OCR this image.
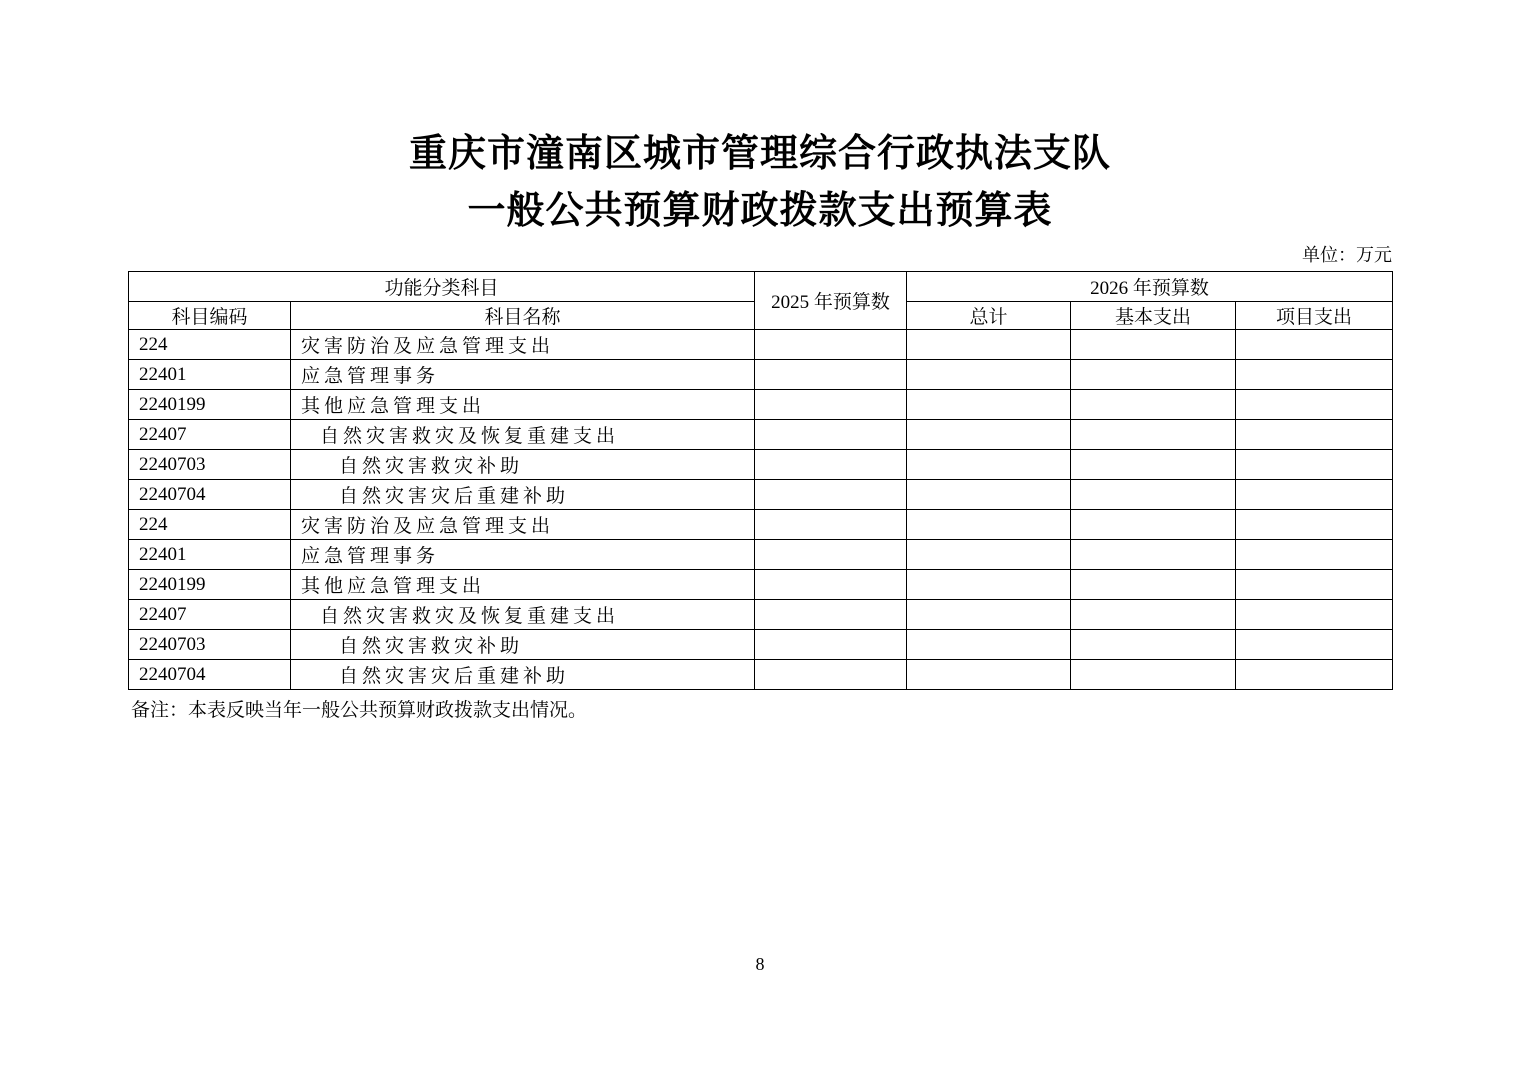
重庆市潼南区城市管理综合行政执法支队
一般公共预算财政拨款支出预算表
单位：万元
功能分类科目		2025 年预算数	2026 年预算数		
科目编码	科目名称		总计	基本支出	项目支出
224	灾害防治及应急管理支出				
22401	应急管理事务				
2240199	其他应急管理支出				
22407	自然灾害救灾及恢复重建支出				
2240703	自然灾害救灾补助				
2240704	自然灾害灾后重建补助				
224	灾害防治及应急管理支出				
22401	应急管理事务				
2240199	其他应急管理支出				
22407	自然灾害救灾及恢复重建支出				
2240703	自然灾害救灾补助				
2240704	自然灾害灾后重建补助				
备注：本表反映当年一般公共预算财政拨款支出情况。
8
